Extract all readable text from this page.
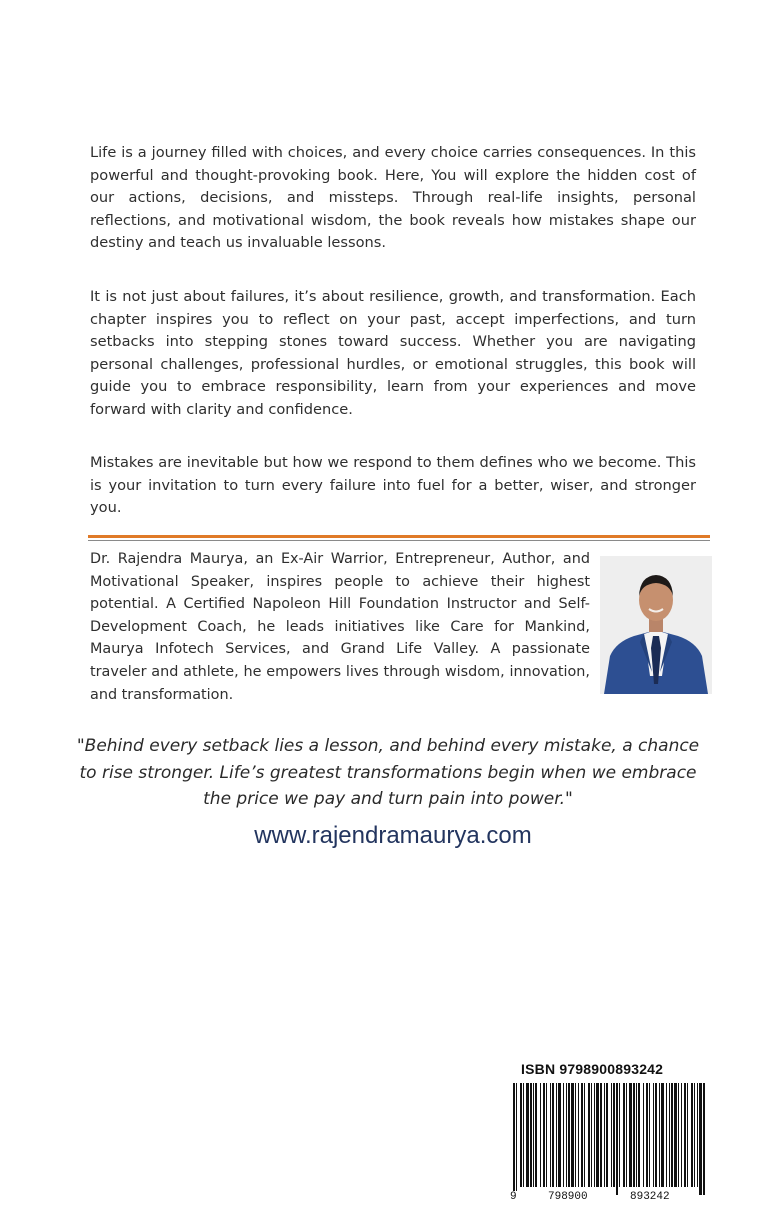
Life is a journey filled with choices, and every choice carries consequences. In this powerful and thought-provoking book. Here, You will explore the hidden cost of our actions, decisions, and missteps. Through real-life insights, personal reflections, and motivational wisdom, the book reveals how mistakes shape our destiny and teach us invaluable lessons.

It is not just about failures, it’s about resilience, growth, and transformation. Each chapter inspires you to reflect on your past, accept imperfections, and turn setbacks into stepping stones toward success. Whether you are navigating personal challenges, professional hurdles, or emotional struggles, this book will guide you to embrace responsibility, learn from your experiences and move forward with clarity and confidence.

Mistakes are inevitable but how we respond to them defines who we become. This is your invitation to turn every failure into fuel for a better, wiser, and stronger you.

Dr. Rajendra Maurya, an Ex-Air Warrior, Entrepreneur, Author, and Motivational Speaker, inspires people to achieve their highest potential. A Certified Napoleon Hill Foundation Instructor and Self-Development Coach, he leads initiatives like Care for Mankind, Maurya Infotech Services, and Grand Life Valley. A passionate traveler and athlete, he empowers lives through wisdom, innovation, and transformation.

"Behind every setback lies a lesson, and behind every mistake, a chance to rise stronger. Life’s greatest transformations begin when we embrace the price we pay and turn pain into power."

www.rajendramaurya.com
ISBN 9798900893242
9	798900	893242
